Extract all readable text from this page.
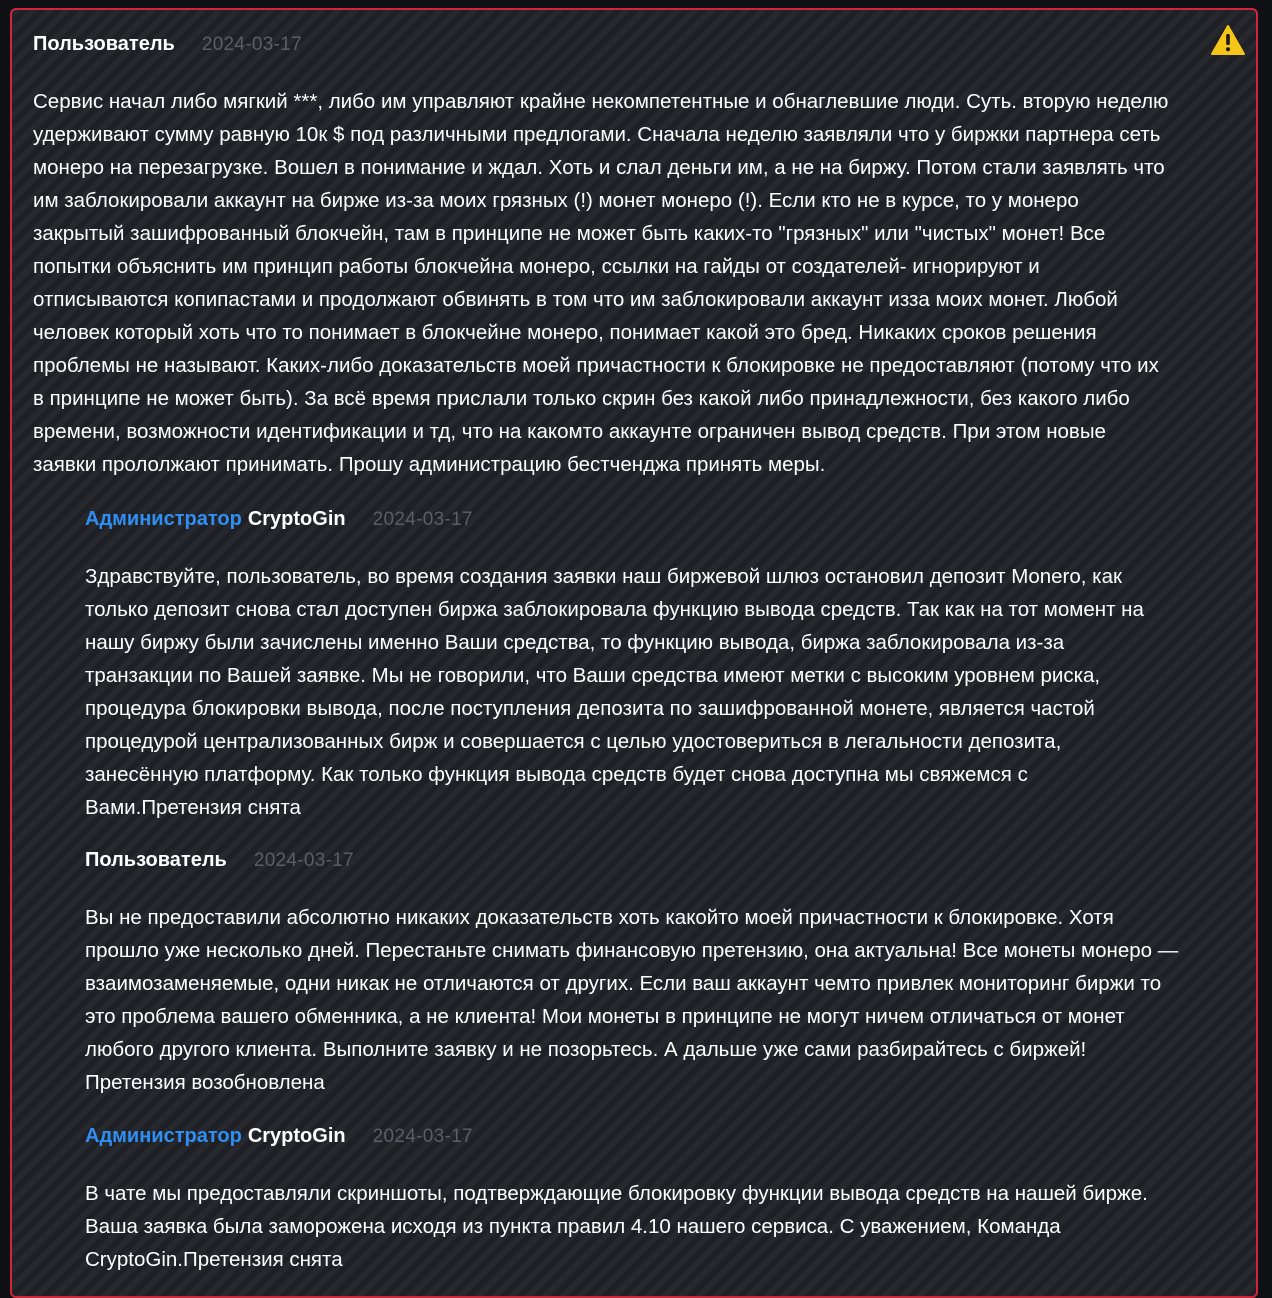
Пользователь 2024-03-17
Сервис начал либо мягкий ***, либо им управляют крайне некомпетентные и обнаглевшие люди. Суть. вторую неделю
удерживают сумму равную 10к $ под различными предлогами. Сначала неделю заявляли что у биржки партнера сеть
монеро на перезагрузке. Вошел в понимание и ждал. Хоть и слал деньги им, а не на биржу. Потом стали заявлять что
им заблокировали аккаунт на бирже из-за моих грязных (!) монет монеро (!). Если кто не в курсе, то у монеро
закрытый зашифрованный блокчейн, там в принципе не может быть каких-то "грязных" или "чистых" монет! Все
попытки объяснить им принцип работы блокчейна монеро, ссылки на гайды от создателей- игнорируют и
отписываются копипастами и продолжают обвинять в том что им заблокировали аккаунт изза моих монет. Любой
человек который хоть что то понимает в блокчейне монеро, понимает какой это бред. Никаких сроков решения
проблемы не называют. Каких-либо доказательств моей причастности к блокировке не предоставляют (потому что их
в принципе не может быть). За всё время прислали только скрин без какой либо принадлежности, без какого либо
времени, возможности идентификации и тд, что на какомто аккаунте ограничен вывод средств. При этом новые
заявки прололжают принимать. Прошу администрацию бестченджа принять меры.
Администратор CryptoGin 2024-03-17
Здравствуйте, пользователь, во время создания заявки наш биржевой шлюз остановил депозит Monero, как
только депозит снова стал доступен биржа заблокировала функцию вывода средств. Так как на тот момент на
нашу биржу были зачислены именно Ваши средства, то функцию вывода, биржа заблокировала из-за
транзакции по Вашей заявке. Мы не говорили, что Ваши средства имеют метки с высоким уровнем риска,
процедура блокировки вывода, после поступления депозита по зашифрованной монете, является частой
процедурой централизованных бирж и совершается с целью удостовериться в легальности депозита,
занесённую платформу. Как только функция вывода средств будет снова доступна мы свяжемся с
Вами.Претензия снята
Пользователь 2024-03-17
Вы не предоставили абсолютно никаких доказательств хоть какойто моей причастности к блокировке. Хотя
прошло уже несколько дней. Перестаньте снимать финансовую претензию, она актуальна! Все монеты монеро —
взаимозаменяемые, одни никак не отличаются от других. Если ваш аккаунт чемто привлек мониторинг биржи то
это проблема вашего обменника, а не клиента! Мои монеты в принципе не могут ничем отличаться от монет
любого другого клиента. Выполните заявку и не позорьтесь. А дальше уже сами разбирайтесь с биржей!
Претензия возобновлена
Администратор CryptoGin 2024-03-17
В чате мы предоставляли скриншоты, подтверждающие блокировку функции вывода средств на нашей бирже.
Ваша заявка была заморожена исходя из пункта правил 4.10 нашего сервиса. С уважением, Команда
CryptoGin.Претензия снята
